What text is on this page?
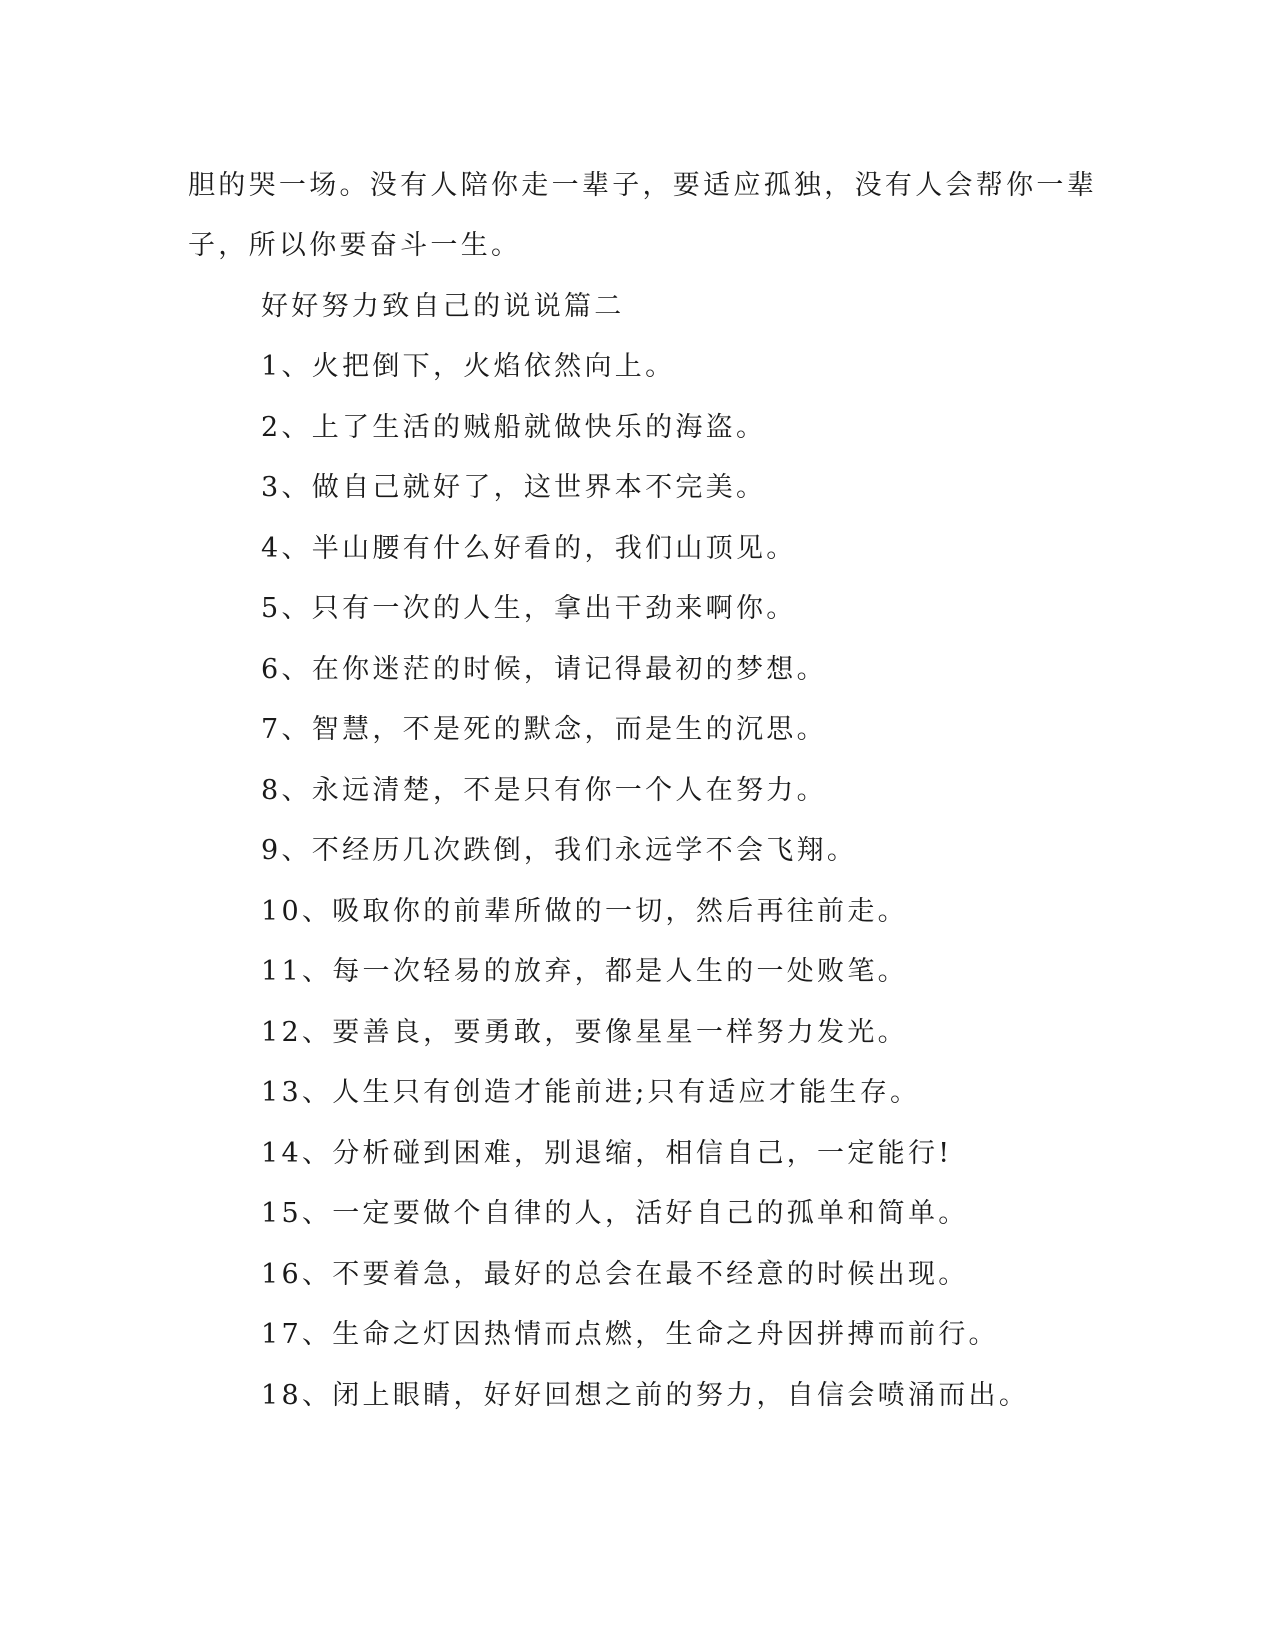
胆的哭一场。没有人陪你走一辈子，要适应孤独，没有人会帮你一辈
子，所以你要奋斗一生。
好好努力致自己的说说篇二
1、火把倒下，火焰依然向上。
2、上了生活的贼船就做快乐的海盗。
3、做自己就好了，这世界本不完美。
4、半山腰有什么好看的，我们山顶见。
5、只有一次的人生，拿出干劲来啊你。
6、在你迷茫的时候，请记得最初的梦想。
7、智慧，不是死的默念，而是生的沉思。
8、永远清楚，不是只有你一个人在努力。
9、不经历几次跌倒，我们永远学不会飞翔。
10、吸取你的前辈所做的一切，然后再往前走。
11、每一次轻易的放弃，都是人生的一处败笔。
12、要善良，要勇敢，要像星星一样努力发光。
13、人生只有创造才能前进;只有适应才能生存。
14、分析碰到困难，别退缩，相信自己，一定能行!
15、一定要做个自律的人，活好自己的孤单和简单。
16、不要着急，最好的总会在最不经意的时候出现。
17、生命之灯因热情而点燃，生命之舟因拼搏而前行。
18、闭上眼睛，好好回想之前的努力，自信会喷涌而出。
